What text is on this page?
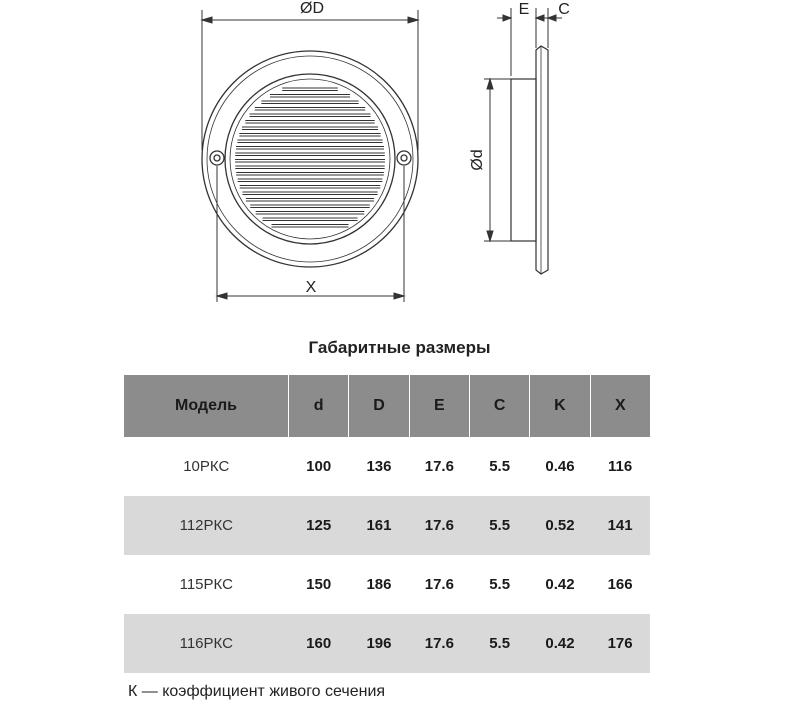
ØD
X
E C
Ød
Габаритные размеры
Модель	d	D	E	C	K	X
10РКС	100	136	17.6	5.5	0.46	116
112РКС	125	161	17.6	5.5	0.52	141
115РКС	150	186	17.6	5.5	0.42	166
116РКС	160	196	17.6	5.5	0.42	176
К — коэффициент живого сечения
